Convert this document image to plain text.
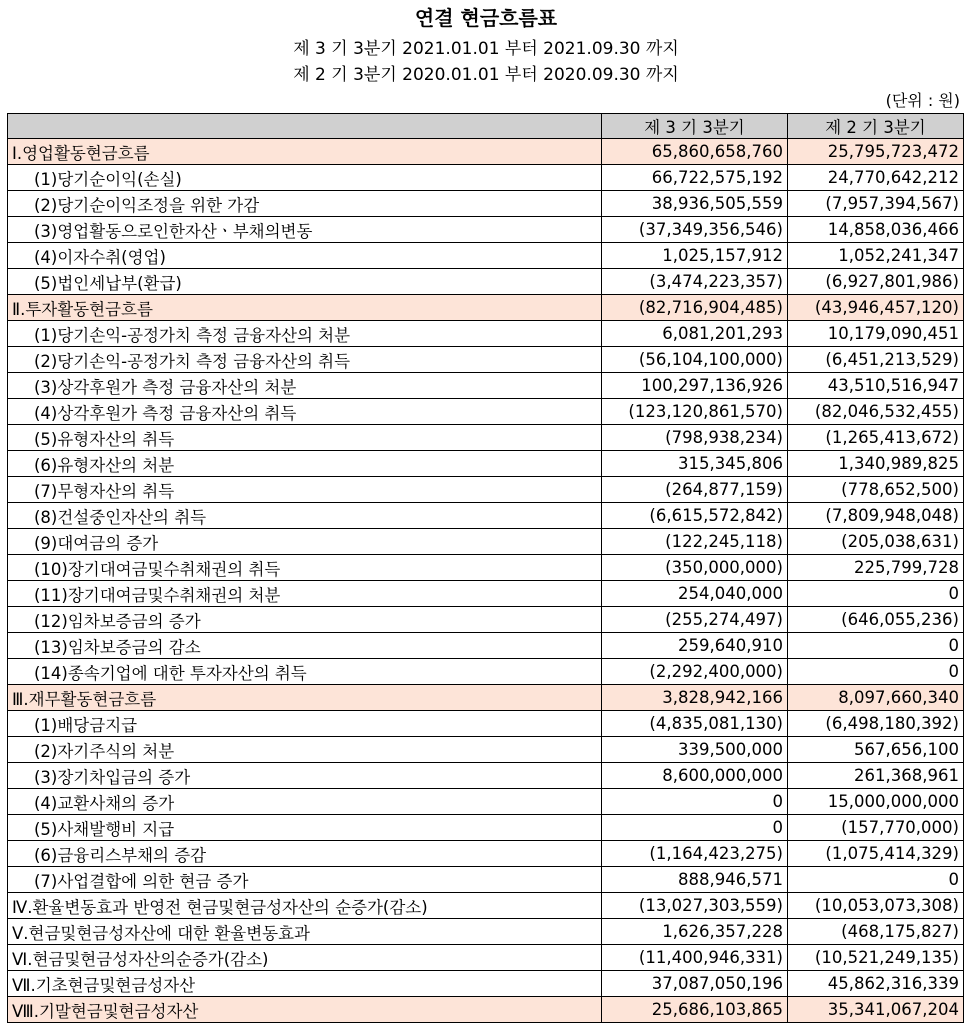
연결 현금흐름표
제 3 기 3분기 2021.01.01 부터 2021.09.30 까지
제 2 기 3분기 2020.01.01 부터 2020.09.30 까지
(단위 : 원)
	제 3 기 3분기	제 2 기 3분기
Ⅰ.영업활동현금흐름	65,860,658,760	25,795,723,472
(1)당기순이익(손실)	66,722,575,192	24,770,642,212
(2)당기순이익조정을 위한 가감	38,936,505,559	(7,957,394,567)
(3)영업활동으로인한자산ㆍ부채의변동	(37,349,356,546)	14,858,036,466
(4)이자수취(영업)	1,025,157,912	1,052,241,347
(5)법인세납부(환급)	(3,474,223,357)	(6,927,801,986)
Ⅱ.투자활동현금흐름	(82,716,904,485)	(43,946,457,120)
(1)당기손익-공정가치 측정 금융자산의 처분	6,081,201,293	10,179,090,451
(2)당기손익-공정가치 측정 금융자산의 취득	(56,104,100,000)	(6,451,213,529)
(3)상각후원가 측정 금융자산의 처분	100,297,136,926	43,510,516,947
(4)상각후원가 측정 금융자산의 취득	(123,120,861,570)	(82,046,532,455)
(5)유형자산의 취득	(798,938,234)	(1,265,413,672)
(6)유형자산의 처분	315,345,806	1,340,989,825
(7)무형자산의 취득	(264,877,159)	(778,652,500)
(8)건설중인자산의 취득	(6,615,572,842)	(7,809,948,048)
(9)대여금의 증가	(122,245,118)	(205,038,631)
(10)장기대여금및수취채권의 취득	(350,000,000)	225,799,728
(11)장기대여금및수취채권의 처분	254,040,000	0
(12)임차보증금의 증가	(255,274,497)	(646,055,236)
(13)임차보증금의 감소	259,640,910	0
(14)종속기업에 대한 투자자산의 취득	(2,292,400,000)	0
Ⅲ.재무활동현금흐름	3,828,942,166	8,097,660,340
(1)배당금지급	(4,835,081,130)	(6,498,180,392)
(2)자기주식의 처분	339,500,000	567,656,100
(3)장기차입금의 증가	8,600,000,000	261,368,961
(4)교환사채의 증가	0	15,000,000,000
(5)사채발행비 지급	0	(157,770,000)
(6)금융리스부채의 증감	(1,164,423,275)	(1,075,414,329)
(7)사업결합에 의한 현금 증가	888,946,571	0
Ⅳ.환율변동효과 반영전 현금및현금성자산의 순증가(감소)	(13,027,303,559)	(10,053,073,308)
Ⅴ.현금및현금성자산에 대한 환율변동효과	1,626,357,228	(468,175,827)
Ⅵ.현금및현금성자산의순증가(감소)	(11,400,946,331)	(10,521,249,135)
Ⅶ.기초현금및현금성자산	37,087,050,196	45,862,316,339
Ⅷ.기말현금및현금성자산	25,686,103,865	35,341,067,204
